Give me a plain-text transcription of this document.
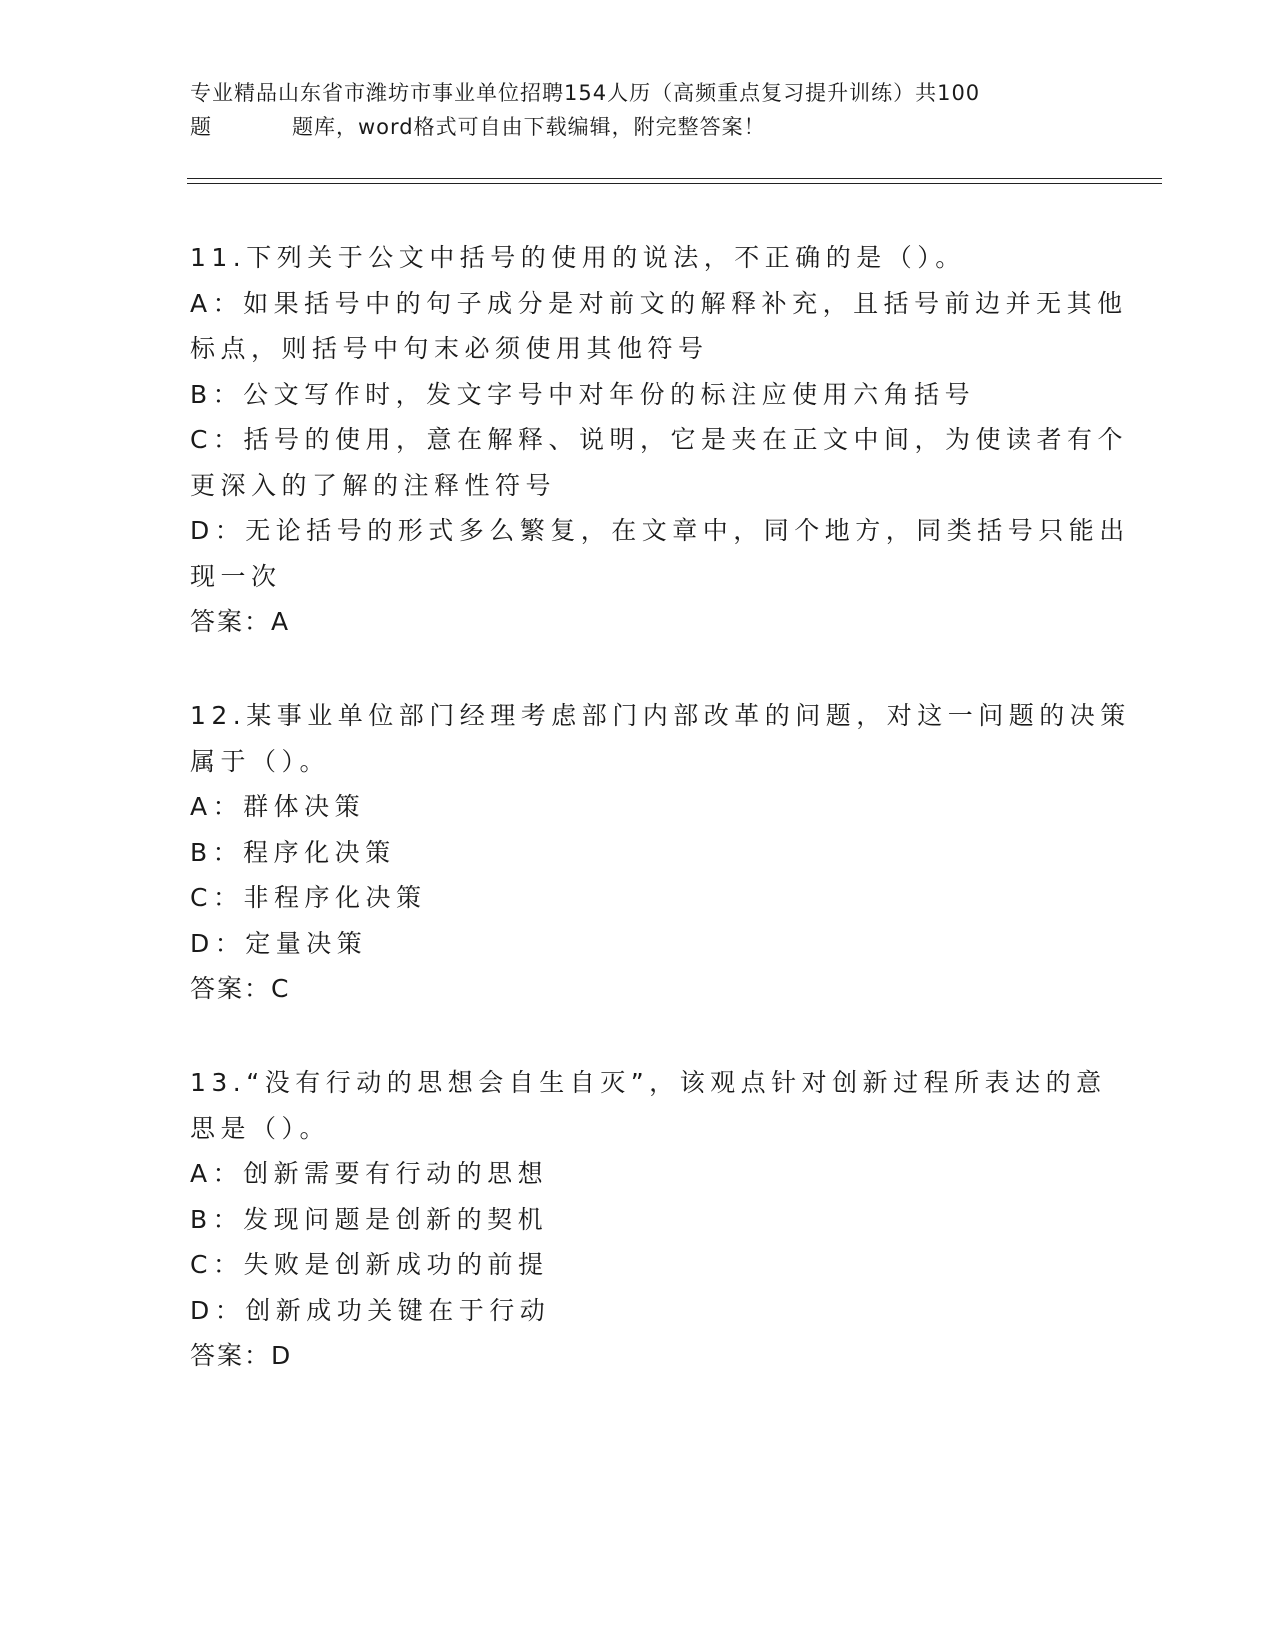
专业精品山东省市潍坊市事业单位招聘154人历（高频重点复习提升训练）共100
题	题库，word格式可自由下载编辑，附完整答案！
11.下列关于公文中括号的使用的说法，不正确的是（）。
A：如果括号中的句子成分是对前文的解释补充，且括号前边并无其他
标点，则括号中句末必须使用其他符号
B：公文写作时，发文字号中对年份的标注应使用六角括号
C：括号的使用，意在解释、说明，它是夹在正文中间，为使读者有个
更深入的了解的注释性符号
D：无论括号的形式多么繁复，在文章中，同个地方，同类括号只能出
现一次
答案：A
12.某事业单位部门经理考虑部门内部改革的问题，对这一问题的决策
属于（）。
A：群体决策
B：程序化决策
C：非程序化决策
D：定量决策
答案：C
13.“没有行动的思想会自生自灭”，该观点针对创新过程所表达的意
思是（）。
A：创新需要有行动的思想
B：发现问题是创新的契机
C：失败是创新成功的前提
D：创新成功关键在于行动
答案：D
